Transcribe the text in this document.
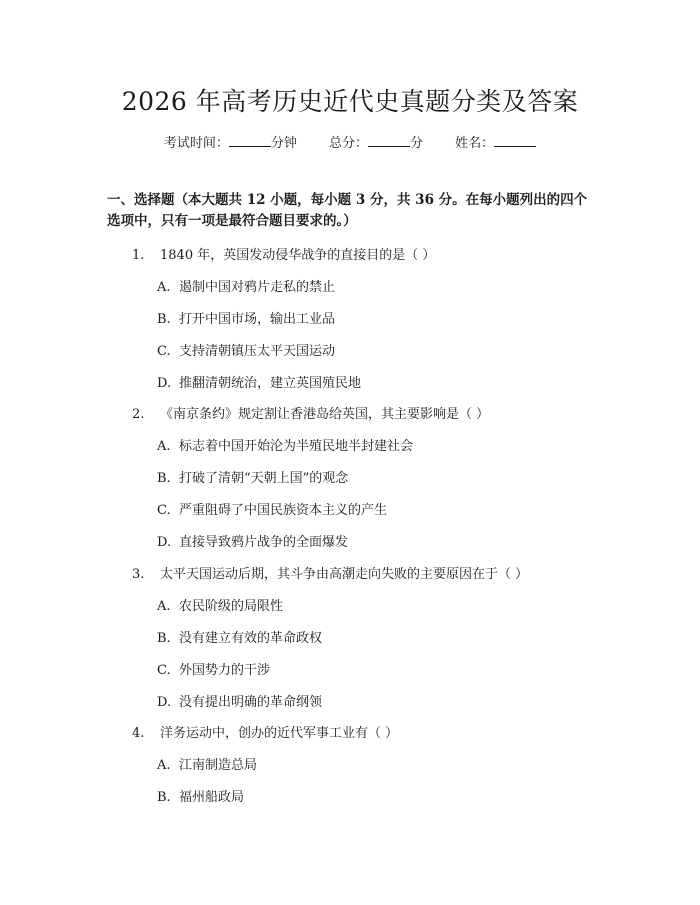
2026 年高考历史近代史真题分类及答案
考试时间：	分钟 总分：	分 姓名：
一、选择题（本大题共 12 小题，每小题 3 分，共 36 分。在每小题列出的四个选项中，只有一项是最符合题目要求的。）
1. 1840 年，英国发动侵华战争的直接目的是（ ）
A. 遏制中国对鸦片走私的禁止
B. 打开中国市场，输出工业品
C. 支持清朝镇压太平天国运动
D. 推翻清朝统治，建立英国殖民地
2. 《南京条约》规定割让香港岛给英国，其主要影响是（ ）
A. 标志着中国开始沦为半殖民地半封建社会
B. 打破了清朝“天朝上国”的观念
C. 严重阻碍了中国民族资本主义的产生
D. 直接导致鸦片战争的全面爆发
3. 太平天国运动后期，其斗争由高潮走向失败的主要原因在于（ ）
A. 农民阶级的局限性
B. 没有建立有效的革命政权
C. 外国势力的干涉
D. 没有提出明确的革命纲领
4. 洋务运动中，创办的近代军事工业有（ ）
A. 江南制造总局
B. 福州船政局
